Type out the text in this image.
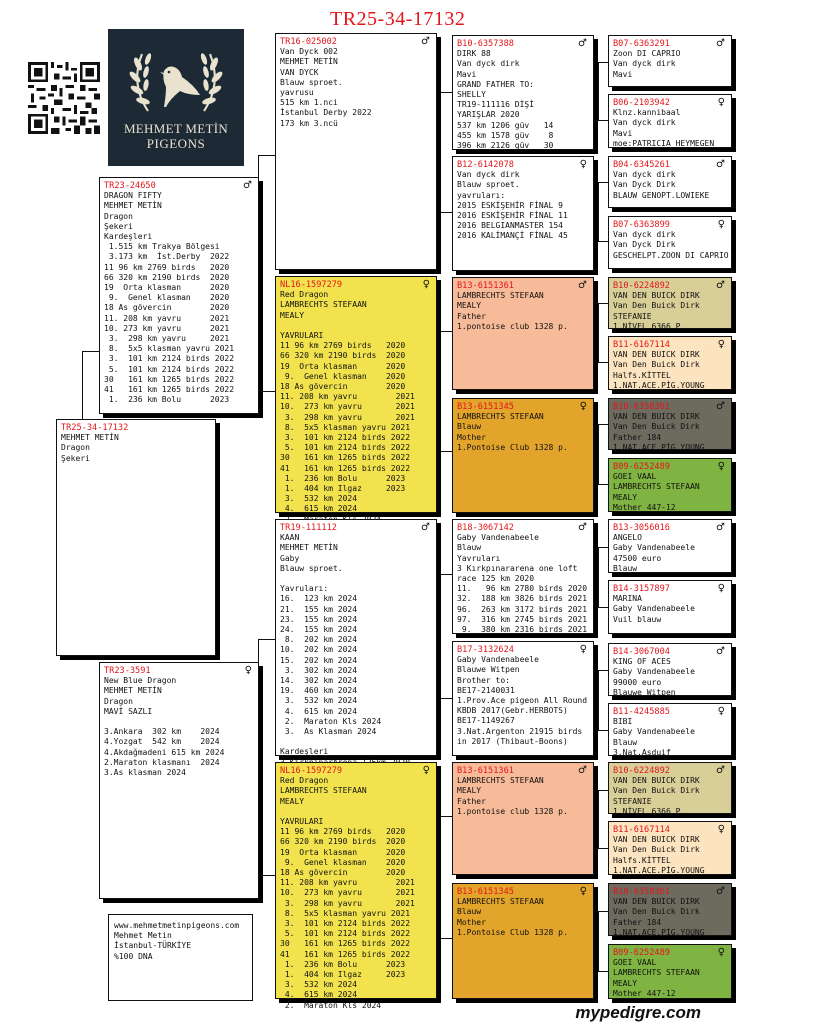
TR25-34-17132
mypedigre.com
MEHMET METİN
PIGEONS
TR25-34-17132
MEHMET METİN
Dragon
Şekeri
♂
TR23-24650
DRAGON FIFTY
MEHMET METİN
Dragon
Şekeri
Kardeşleri
1.515 km Trakya Bölgesi
3.173 km  İst.Derby  2022
11 96 km 2769 birds   2020
66 320 km 2190 birds  2020
19  Orta klasman      2020
9.  Genel klasman    2020
18 As gövercin        2020
11. 208 km yavru      2021
10. 273 km yavru      2021
3.  298 km yavru     2021
8.  5x5 klasman yavru 2021
3.  101 km 2124 birds 2022
5.  101 km 2124 birds 2022
30   161 km 1265 birds 2022
41   161 km 1265 birds 2022
1.  236 km Bolu      2023
♀
TR23-3591
New Blue Dragon
MEHMET METİN
Dragon
MAVİ SAZLI

3.Ankara  302 km    2024
4.Yozgat  542 km    2024
4.Akdağmadeni 615 km 2024
2.Maraton klasmanı  2024
3.As klasman 2024
♂
TR16-025002
Van Dyck 002
MEHMET METİN
VAN DYCK
Blauw sproet.
yavrusu
515 km 1.nci
İstanbul Derby 2022
173 km 3.ncü
♀
NL16-1597279
Red Dragon
LAMBRECHTS STEFAAN
MEALY

YAVRULARI
11 96 km 2769 birds   2020
66 320 km 2190 birds  2020
19  Orta klasman      2020
9.  Genel klasman    2020
18 As gövercin        2020
11. 208 km yavru        2021
10.  273 km yavru       2021
3.  298 km yavru       2021
8.  5x5 klasman yavru 2021
3.  101 km 2124 birds 2022
5.  101 km 2124 birds 2022
30   161 km 1265 birds 2022
41   161 km 1265 birds 2022
1.  236 km Bolu      2023
1.  404 km Ilgaz     2023
3.  532 km 2024
4.  615 km 2024

♂
TR19-111112
KAAN
MEHMET METİN
Gaby
Blauw sproet.

Yavruları:
16.  123 km 2024
21.  155 km 2024
23.  155 km 2024
24.  155 km 2024
8.  202 km 2024
10.  202 km 2024
15.  202 km 2024
3.  302 km 2024
14.  302 km 2024
19.  460 km 2024
3.  532 km 2024
4.  615 km 2024
2.  Maraton Kls 2024
3.  As Klasman 2024

Kardeşleri

♀
NL16-1597279
Red Dragon
LAMBRECHTS STEFAAN
MEALY

YAVRULARI
11 96 km 2769 birds   2020
66 320 km 2190 birds  2020
19  Orta klasman      2020
9.  Genel klasman    2020
18 As gövercin        2020
11. 208 km yavru        2021
10.  273 km yavru       2021
3.  298 km yavru       2021
8.  5x5 klasman yavru 2021
3.  101 km 2124 birds 2022
5.  101 km 2124 birds 2022
30   161 km 1265 birds 2022
41   161 km 1265 birds 2022
1.  236 km Bolu      2023
1.  404 km Ilgaz     2023
3.  532 km 2024
4.  615 km 2024
2.  Maraton Kls 2024
♂
B10-6357388
DIRK 88
Van dyck dirk
Mavi
GRAND FATHER TO:
SHELLY
TR19-111116 DİŞİ
YARIŞLAR 2020
537 km 1206 güv   14
455 km 1578 güv    8
396 km 2126 güv   30
♀
B12-6142078
Van dyck dirk
Blauw sproet.
yavruları:
2015 ESKİŞEHİR FİNAL 9
2016 ESKİŞEHİR FİNAL 11
2016 BELGIANMASTER 154
2016 KALİMANÇİ FİNAL 45
♂
B13-6151361
LAMBRECHTS STEFAAN
MEALY
Father
1.pontoise club 1328 p.
♀
B13-6151345
LAMBRECHTS STEFAAN
Blauw
Mother
1.Pontoise Club 1328 p.
♂
B18-3067142
Gaby Vandenabeele
Blauw
Yavruları
3 Kırkpınararena one loft
race 125 km 2020
11.   96 km 2780 birds 2020
32.  188 km 3826 birds 2021
96.  263 km 3172 birds 2021
97.  316 km 2745 birds 2021
9.  380 km 2316 birds 2021
♀
B17-3132624
Gaby Vandenabeele
Blauwe Witpen
Brother to:
BE17-2140031
1.Prov.Ace pigeon All Round
KBDB 2017(Gebr.HERBOTS)
BE17-1149267
3.Nat.Argenton 21915 birds
in 2017 (Thibaut-Boons)
♂
B13-6151361
LAMBRECHTS STEFAAN
MEALY
Father
1.pontoise club 1328 p.
♀
B13-6151345
LAMBRECHTS STEFAAN
Blauw
Mother
1.Pontoise Club 1328 p.
♂
B07-6363291
Zoon DI CAPRIO
Van dyck dirk
Mavi
♀
B06-2103942
Klnz.kannibaal
Van dyck dirk
Mavi
moe:PATRICIA HEYMEGEN
♂
B04-6345261
Van dyck dirk
Van Dyck Dirk
BLAUW GENOPT.LOWIEKE
♀
B07-6363899
Van dyck dirk
Van Dyck Dirk
GESCHELPT.ZOON DI CAPRIO
♂
B10-6224892
VAN DEN BUICK DIRK
Van Den Buick Dirk
STEFANIE
1.NİVEL 6366 P.
♀
B11-6167114
VAN DEN BUICK DIRK
Van Den Buick Dirk
Halfs.KİTTEL
1.NAT.ACE.PİG.YOUNG
♂
B10-6358361
VAN DEN BUICK DIRK
Van Den Buick Dirk
Father 184
1.NAT.ACE.PİG.YOUNG
♀
B09-6252489
GOEI VAAL
LAMBRECHTS STEFAAN
MEALY
Mother 447-12
♂
B13-3056016
ANGELO
Gaby Vandenabeele
47500 euro
Blauw
♀
B14-3157897
MARINA
Gaby Vandenabeele
Vuil blauw
♂
B14-3067004
KING OF ACES
Gaby Vandenabeele
99000 euro
Blauwe Witpen
♀
B11-4245885
BIBI
Gaby Vandenabeele
Blauw
3.Nat.Asduif
♂
B10-6224892
VAN DEN BUICK DIRK
Van Den Buick Dirk
STEFANIE
1.NİVEL 6366 P.
♀
B11-6167114
VAN DEN BUICK DIRK
Van Den Buick Dirk
Halfs.KİTTEL
1.NAT.ACE.PİG.YOUNG
♂
B10-6358361
VAN DEN BUICK DIRK
Van Den Buick Dirk
Father 184
1.NAT.ACE.PİG.YOUNG
♀
B09-6252489
GOEI VAAL
LAMBRECHTS STEFAAN
MEALY
Mother 447-12
www.mehmetmetinpigeons.com
Mehmet Metin
İstanbul-TÜRKİYE
%100 DNA
